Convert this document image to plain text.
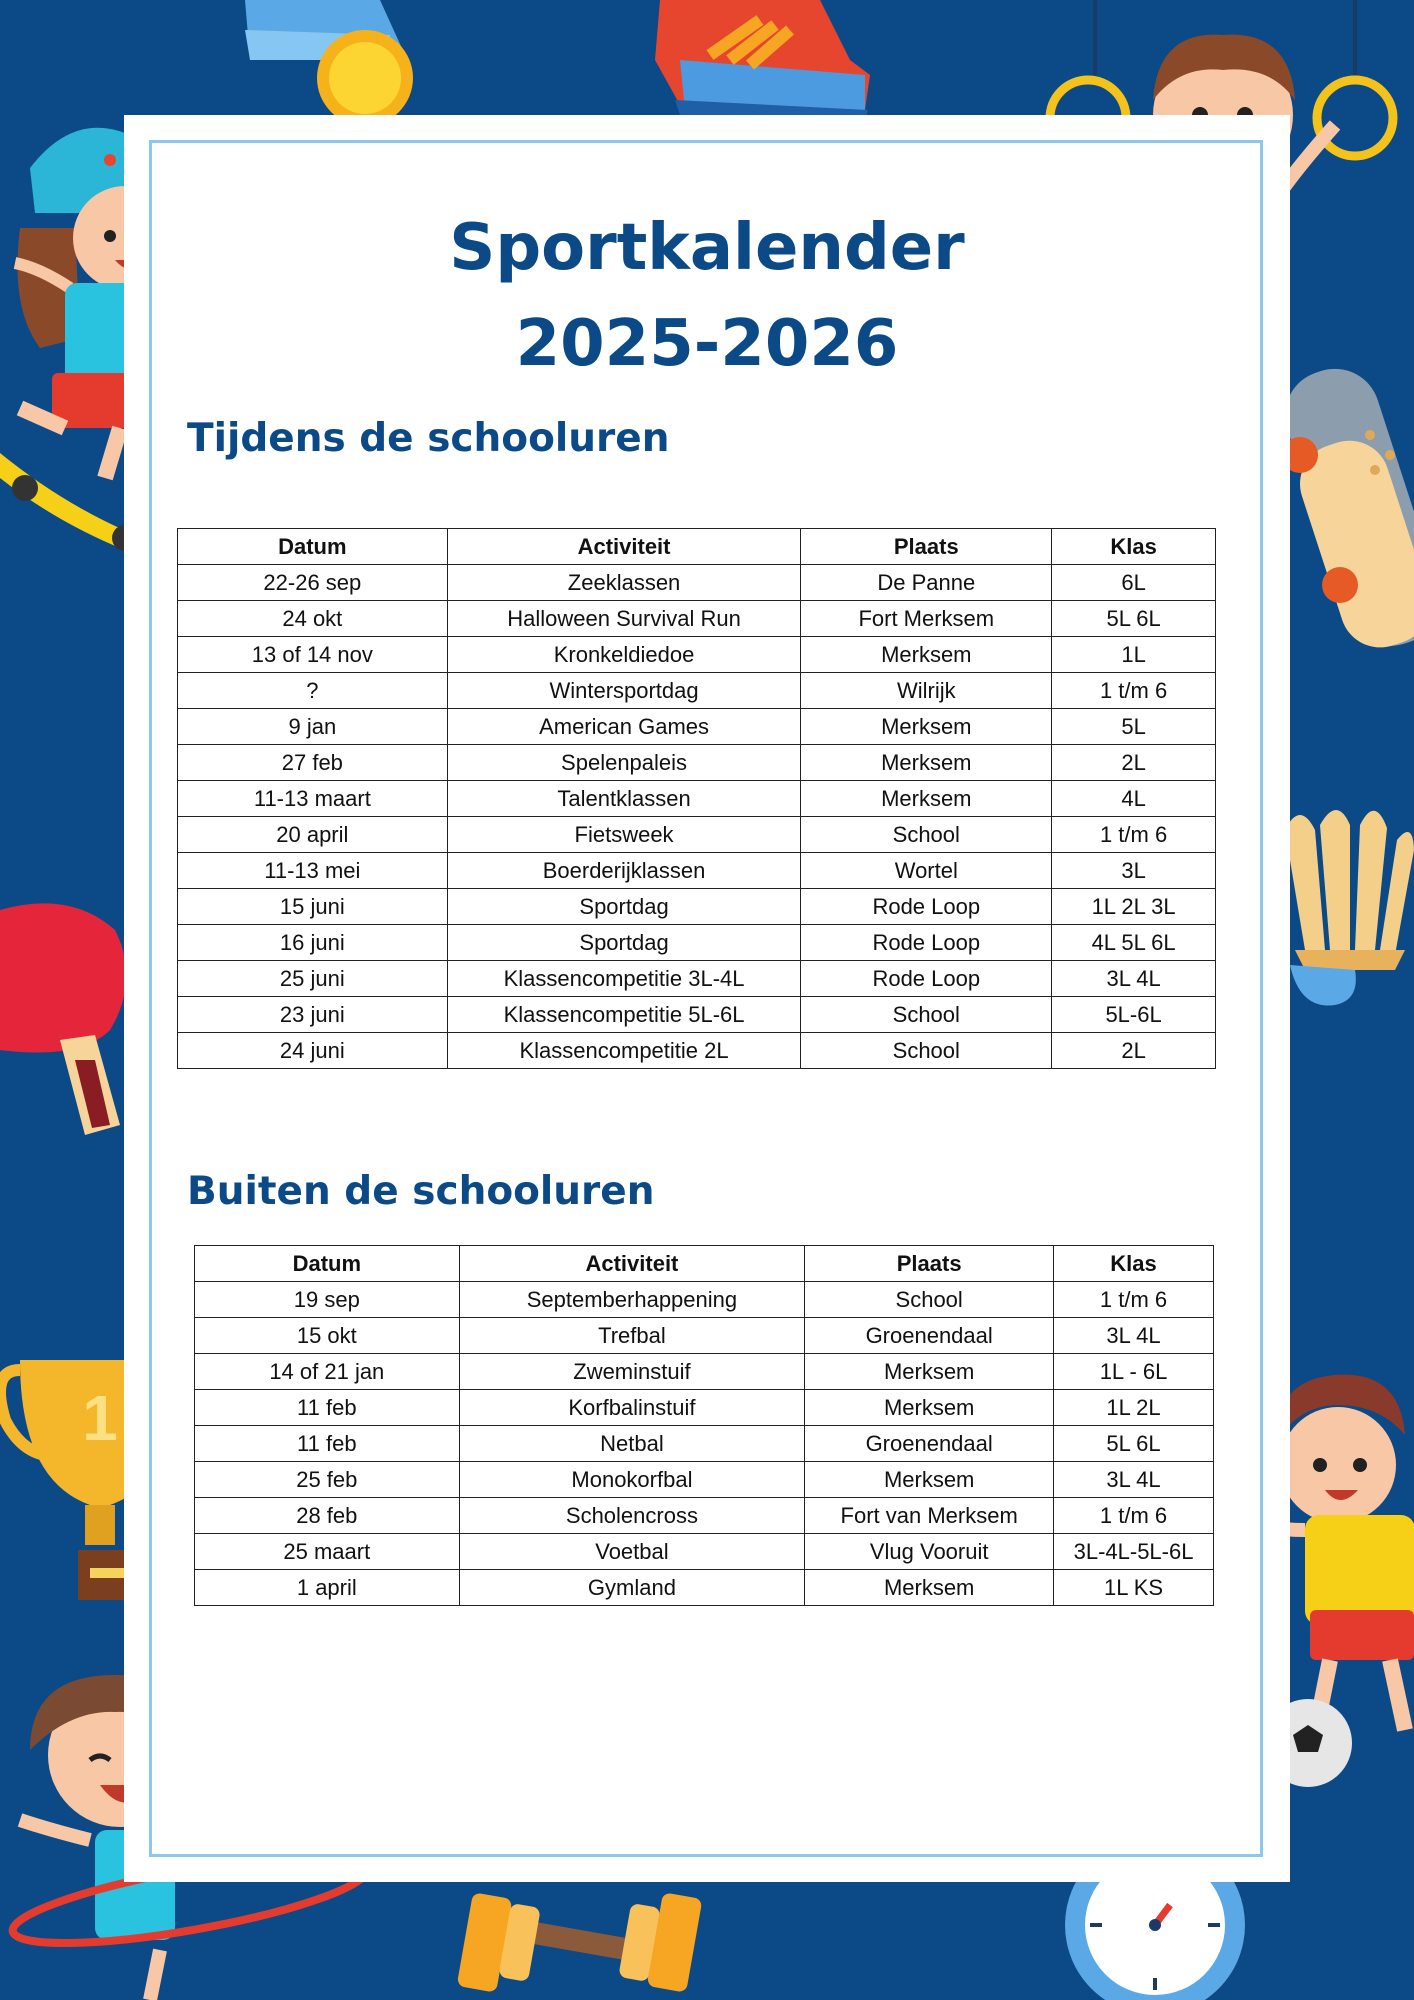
1
Sportkalender
2025-2026
Tijdens de schooluren
Datum	Activiteit	Plaats	Klas
22-26 sep	Zeeklassen	De Panne	6L
24 okt	Halloween Survival Run	Fort Merksem	5L 6L
13 of 14 nov	Kronkeldiedoe	Merksem	1L
?	Wintersportdag	Wilrijk	1 t/m 6
9 jan	American Games	Merksem	5L
27 feb	Spelenpaleis	Merksem	2L
11-13 maart	Talentklassen	Merksem	4L
20 april	Fietsweek	School	1 t/m 6
11-13 mei	Boerderijklassen	Wortel	3L
15 juni	Sportdag	Rode Loop	1L 2L 3L
16 juni	Sportdag	Rode Loop	4L 5L 6L
25 juni	Klassencompetitie 3L-4L	Rode Loop	3L 4L
23 juni	Klassencompetitie 5L-6L	School	5L-6L
24 juni	Klassencompetitie 2L	School	2L
Buiten de schooluren
Datum	Activiteit	Plaats	Klas
19 sep	Septemberhappening	School	1 t/m 6
15 okt	Trefbal	Groenendaal	3L 4L
14 of 21 jan	Zweminstuif	Merksem	1L - 6L
11 feb	Korfbalinstuif	Merksem	1L 2L
11 feb	Netbal	Groenendaal	5L 6L
25 feb	Monokorfbal	Merksem	3L 4L
28 feb	Scholencross	Fort van Merksem	1 t/m 6
25 maart	Voetbal	Vlug Vooruit	3L-4L-5L-6L
1 april	Gymland	Merksem	1L KS
